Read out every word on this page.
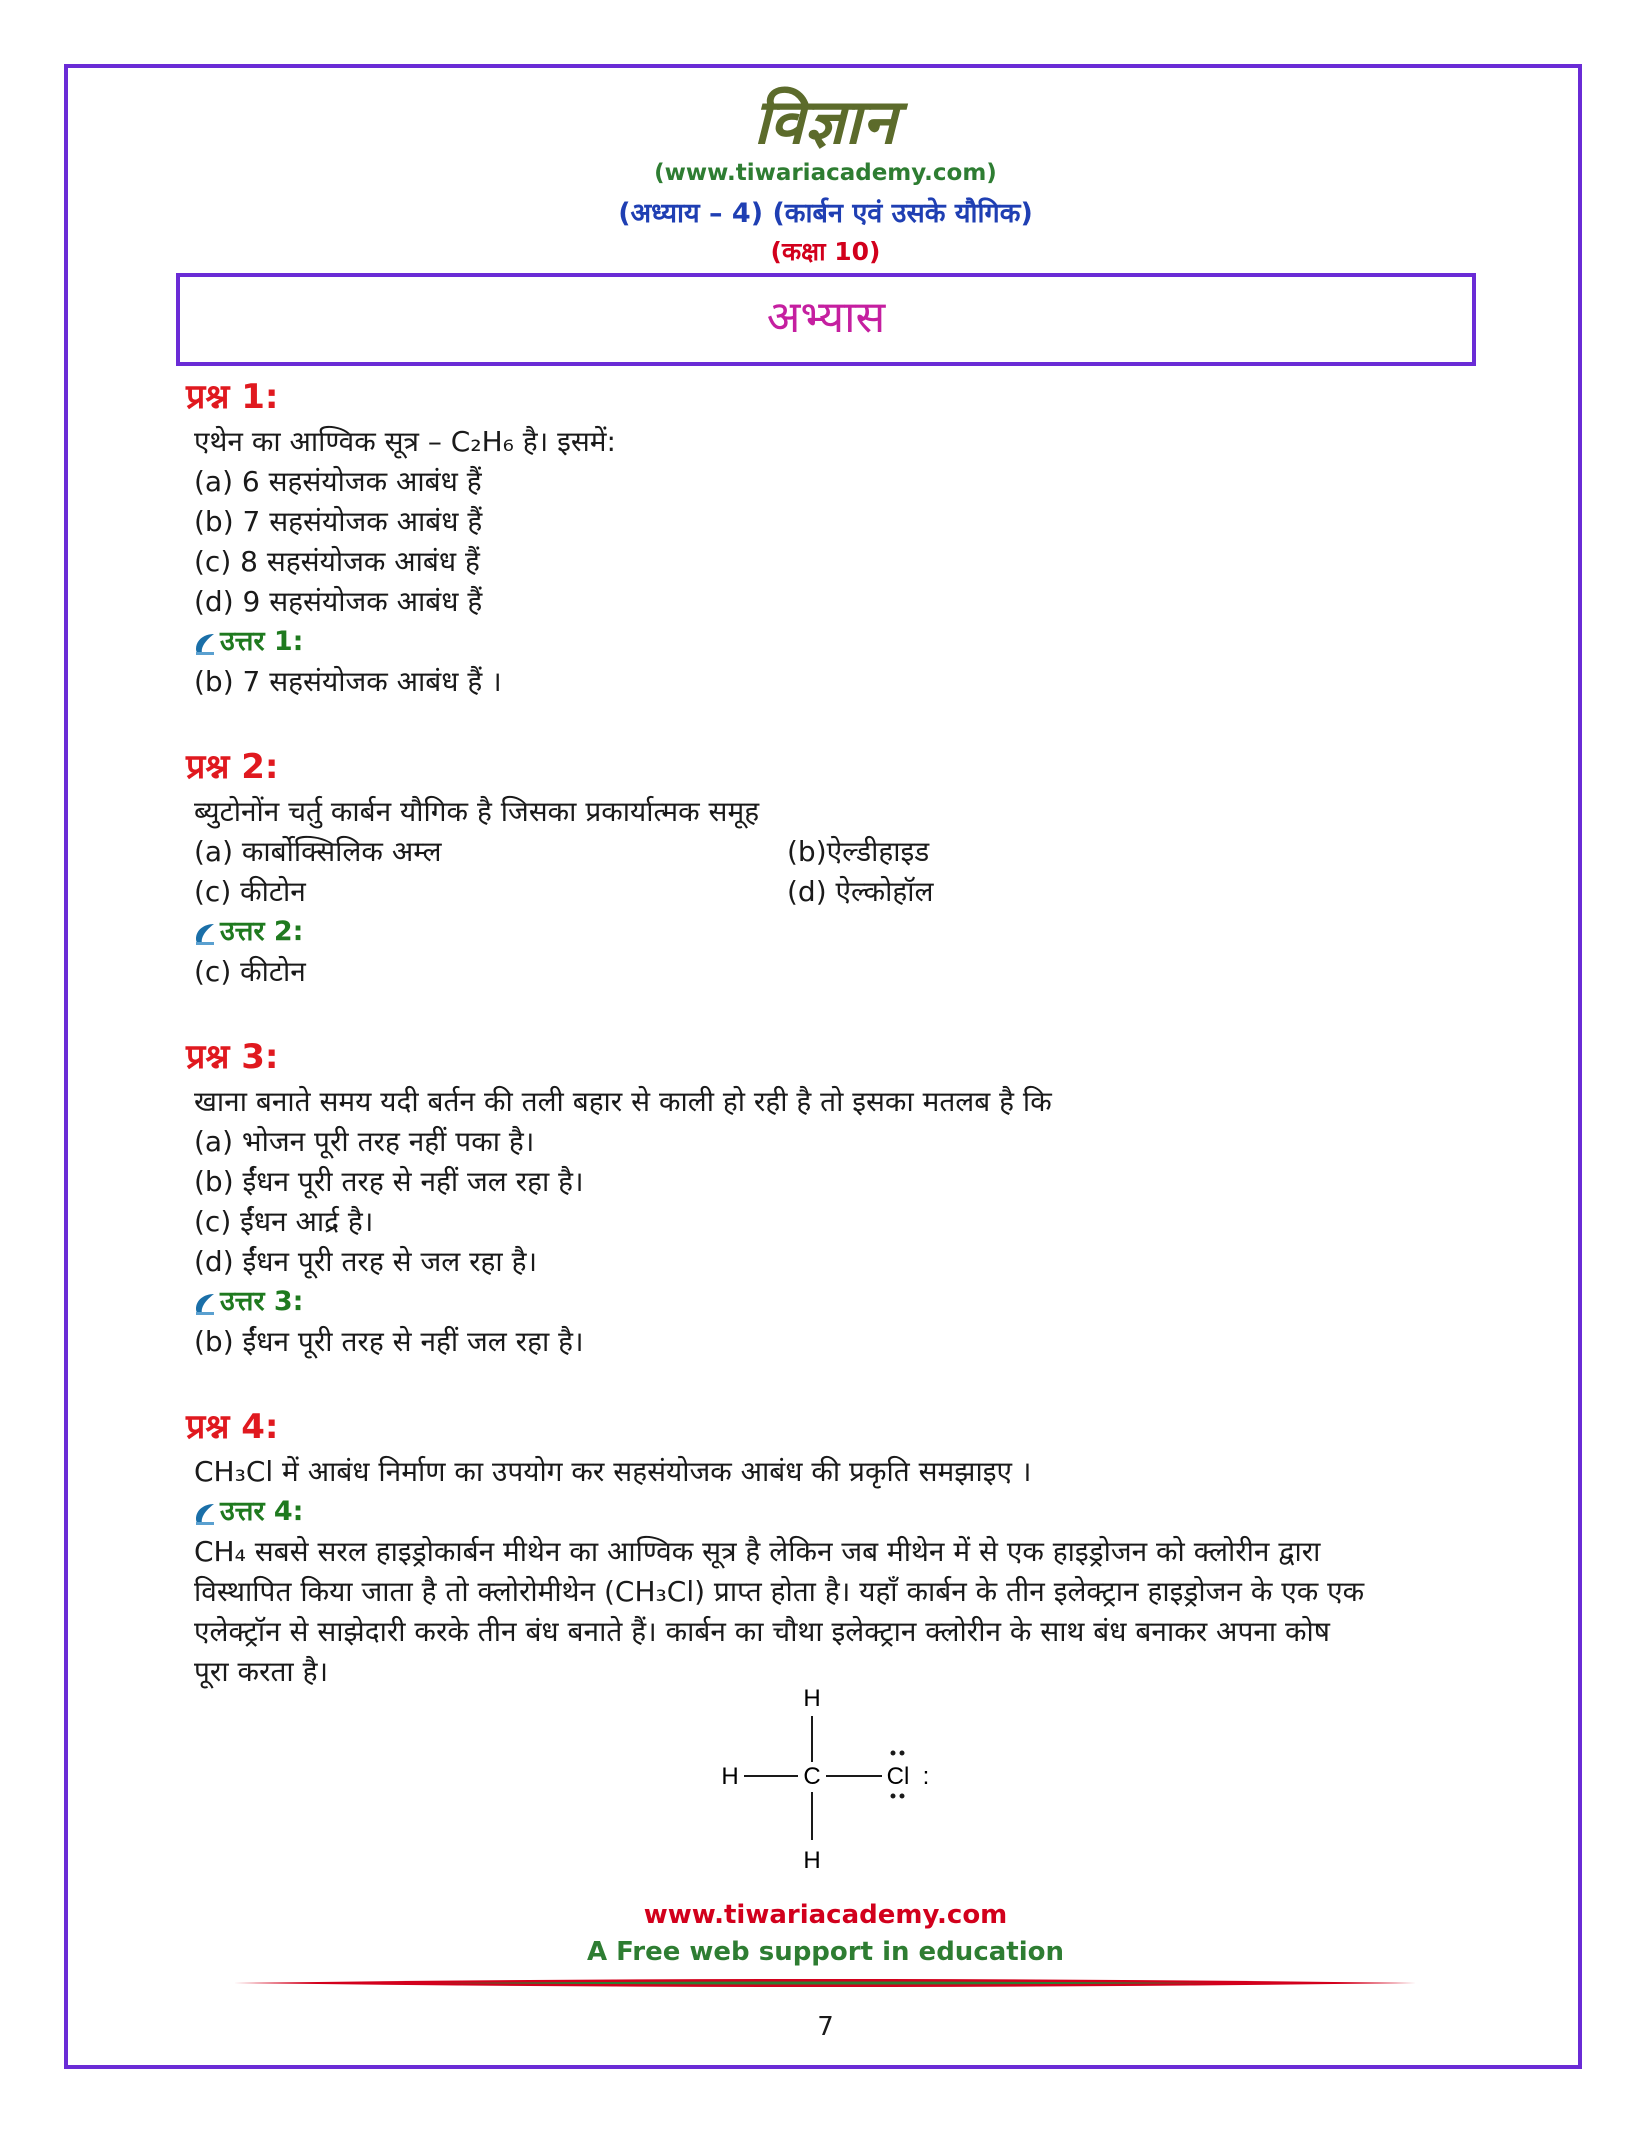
विज्ञान
(www.tiwariacademy.com)
(अध्याय – 4) (कार्बन एवं उसके यौगिक)
(कक्षा 10)
अभ्यास

प्रश्न 1:

एथेन का आण्विक सूत्र – C₂H₆ है। इसमें:

(a) 6 सहसंयोजक आबंध हैं

(b) 7 सहसंयोजक आबंध हैं

(c) 8 सहसंयोजक आबंध हैं

(d) 9 सहसंयोजक आबंध हैं

उत्तर 1:

(b) 7 सहसंयोजक आबंध हैं ।

प्रश्न 2:

ब्युटोनोंन चर्तु कार्बन यौगिक है जिसका प्रकार्यात्मक समूह

(a) कार्बोक्सिलिक अम्ल	(b)ऐल्डीहाइड

(c) कीटोन	(d) ऐल्कोहॉल

उत्तर 2:

(c) कीटोन

प्रश्न 3:

खाना बनाते समय यदी बर्तन की तली बहार से काली हो रही है तो इसका मतलब है कि

(a) भोजन पूरी तरह नहीं पका है।

(b) ईंधन पूरी तरह से नहीं जल रहा है।

(c) ईंधन आर्द्र है।

(d) ईंधन पूरी तरह से जल रहा है।

उत्तर 3:

(b) ईंधन पूरी तरह से नहीं जल रहा है।

प्रश्न 4:

CH₃Cl में आबंध निर्माण का उपयोग कर सहसंयोजक आबंध की प्रकृति समझाइए ।

उत्तर 4:

CH₄ सबसे सरल हाइड्रोकार्बन मीथेन का आण्विक सूत्र है लेकिन जब मीथेन में से एक हाइड्रोजन को क्लोरीन द्वारा

विस्थापित किया जाता है तो क्लोरोमीथेन (CH₃Cl) प्राप्त होता है। यहाँ कार्बन के तीन इलेक्ट्रान हाइड्रोजन के एक एक

एलेक्ट्रॉन से साझेदारी करके तीन बंध बनाते हैं। कार्बन का चौथा इलेक्ट्रान क्लोरीन के साथ बंध बनाकर अपना कोष

पूरा करता है।

H
H	C	Cl :
H
www.tiwariacademy.com
A Free web support in education
7
